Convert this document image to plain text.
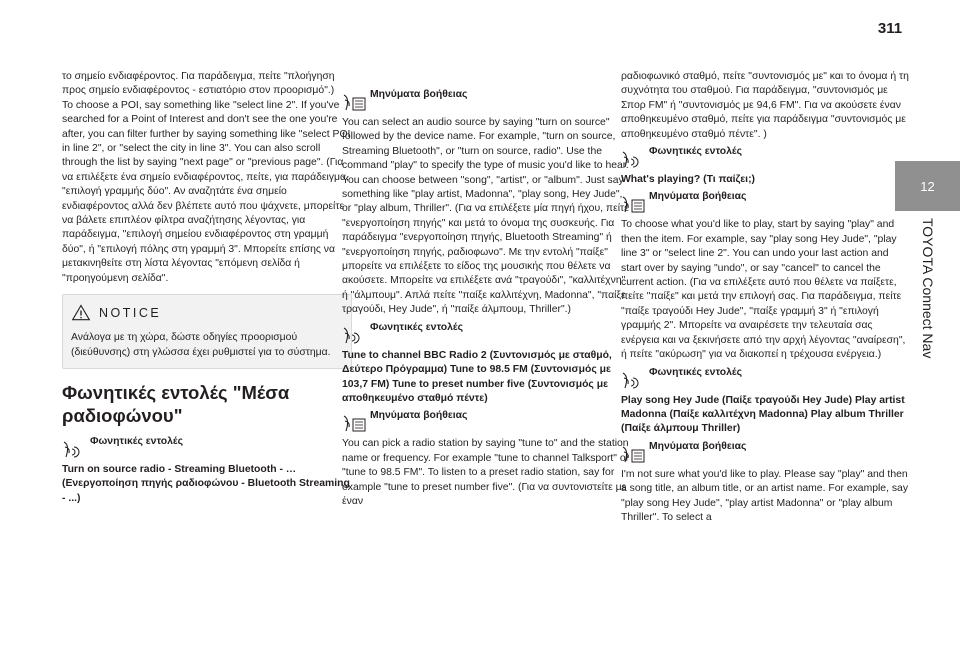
311
12
TOYOTA Connect Nav

το σημείο ενδιαφέροντος. Για παράδειγμα, πείτε "πλοήγηση προς σημείο ενδιαφέροντος - εστιατόριο στον προορισμό".)

To choose a POI, say something like "select line 2". If you've searched for a Point of Interest and don't see the one you're after, you can filter further by saying something like "select POI in line 2", or "select the city in line 3". You can also scroll through the list by saying "next page" or "previous page". (Για να επιλέξετε ένα σημείο ενδιαφέροντος, πείτε, για παράδειγμα, "επιλογή γραμμής δύο". Αν αναζητάτε ένα σημείο ενδιαφέροντος αλλά δεν βλέπετε αυτό που ψάχνετε, μπορείτε να βάλετε επιπλέον φίλτρα αναζήτησης λέγοντας, για παράδειγμα, "επιλογή σημείου ενδιαφέροντος στη γραμμή δύο", ή "επιλογή πόλης στη γραμμή 3". Μπορείτε επίσης να μετακινηθείτε στη λίστα λέγοντας "επόμενη σελίδα ή "προηγούμενη σελίδα".

NOTICE

Ανάλογα με τη χώρα, δώστε οδηγίες προορισμού (διεύθυνσης) στη γλώσσα έχει ρυθμιστεί για το σύστημα.

Φωνητικές εντολές "Μέσα ραδιοφώνου"
Φωνητικές εντολές

Turn on source radio - Streaming Bluetooth - … (Ενεργοποίηση πηγής ραδιοφώνου - Bluetooth Streaming - ...)

Μηνύματα βοήθειας

You can select an audio source by saying "turn on source" followed by the device name. For example, "turn on source, Streaming Bluetooth", or "turn on source, radio". Use the command "play" to specify the type of music you'd like to hear. You can choose between "song", "artist", or "album". Just say something like "play artist, Madonna", "play song, Hey Jude", or "play album, Thriller". (Για να επιλέξετε μία πηγή ήχου, πείτε "ενεργοποίηση πηγής" και μετά το όνομα της συσκευής. Για παράδειγμα "ενεργοποίηση πηγής, Bluetooth Streaming" ή "ενεργοποίηση πηγής, ραδιοφωνο". Με την εντολή "παίξε" μπορείτε να επιλέξετε το είδος της μουσικής που θέλετε να ακούσετε. Μπορείτε να επιλέξετε ανά "τραγούδι", "καλλιτέχνη" ή "άλμπουμ". Απλά πείτε "παίξε καλλιτέχνη, Madonna", "παίξε τραγούδι, Hey Jude", ή "παίξε άλμπουμ, Thriller".)

Φωνητικές εντολές

Tune to channel BBC Radio 2 (Συντονισμός με σταθμό, Δεύτερο Πρόγραμμα) Tune to 98.5 FM (Συντονισμός με 103,7 FM) Tune to preset number five (Συντονισμός με αποθηκευμένο σταθμό πέντε)

Μηνύματα βοήθειας

You can pick a radio station by saying "tune to" and the station name or frequency. For example "tune to channel Talksport" or "tune to 98.5 FM". To listen to a preset radio station, say for example "tune to preset number five". (Για να συντονιστείτε με έναν

ραδιοφωνικό σταθμό, πείτε "συντονισμός με" και το όνομα ή τη συχνότητα του σταθμού. Για παράδειγμα, "συντονισμός με Σπορ FM" ή "συντονισμός με 94,6 FM". Για να ακούσετε έναν αποθηκευμένο σταθμό, πείτε για παράδειγμα "συντονισμός με αποθηκευμένο σταθμό πέντε". )

Φωνητικές εντολές

What's playing? (Τι παίζει;)

Μηνύματα βοήθειας

To choose what you'd like to play, start by saying "play" and then the item. For example, say "play song Hey Jude", "play line 3" or "select line 2". You can undo your last action and start over by saying "undo", or say "cancel" to cancel the current action. (Για να επιλέξετε αυτό που θέλετε να παίξετε, πείτε "παίξε" και μετά την επιλογή σας. Για παράδειγμα, πείτε "παίξε τραγούδι Hey Jude", "παίξε γραμμή 3" ή "επιλογή γραμμής 2". Μπορείτε να αναιρέσετε την τελευταία σας ενέργεια και να ξεκινήσετε από την αρχή λέγοντας "αναίρεση", ή πείτε "ακύρωση" για να διακοπεί η τρέχουσα ενέργεια.)

Φωνητικές εντολές

Play song Hey Jude (Παίξε τραγούδι Hey Jude) Play artist Madonna (Παίξε καλλιτέχνη Madonna) Play album Thriller (Παίξε άλμπουμ Thriller)

Μηνύματα βοήθειας

I'm not sure what you'd like to play. Please say "play" and then a song title, an album title, or an artist name. For example, say "play song Hey Jude", "play artist Madonna" or "play album Thriller". To select a
